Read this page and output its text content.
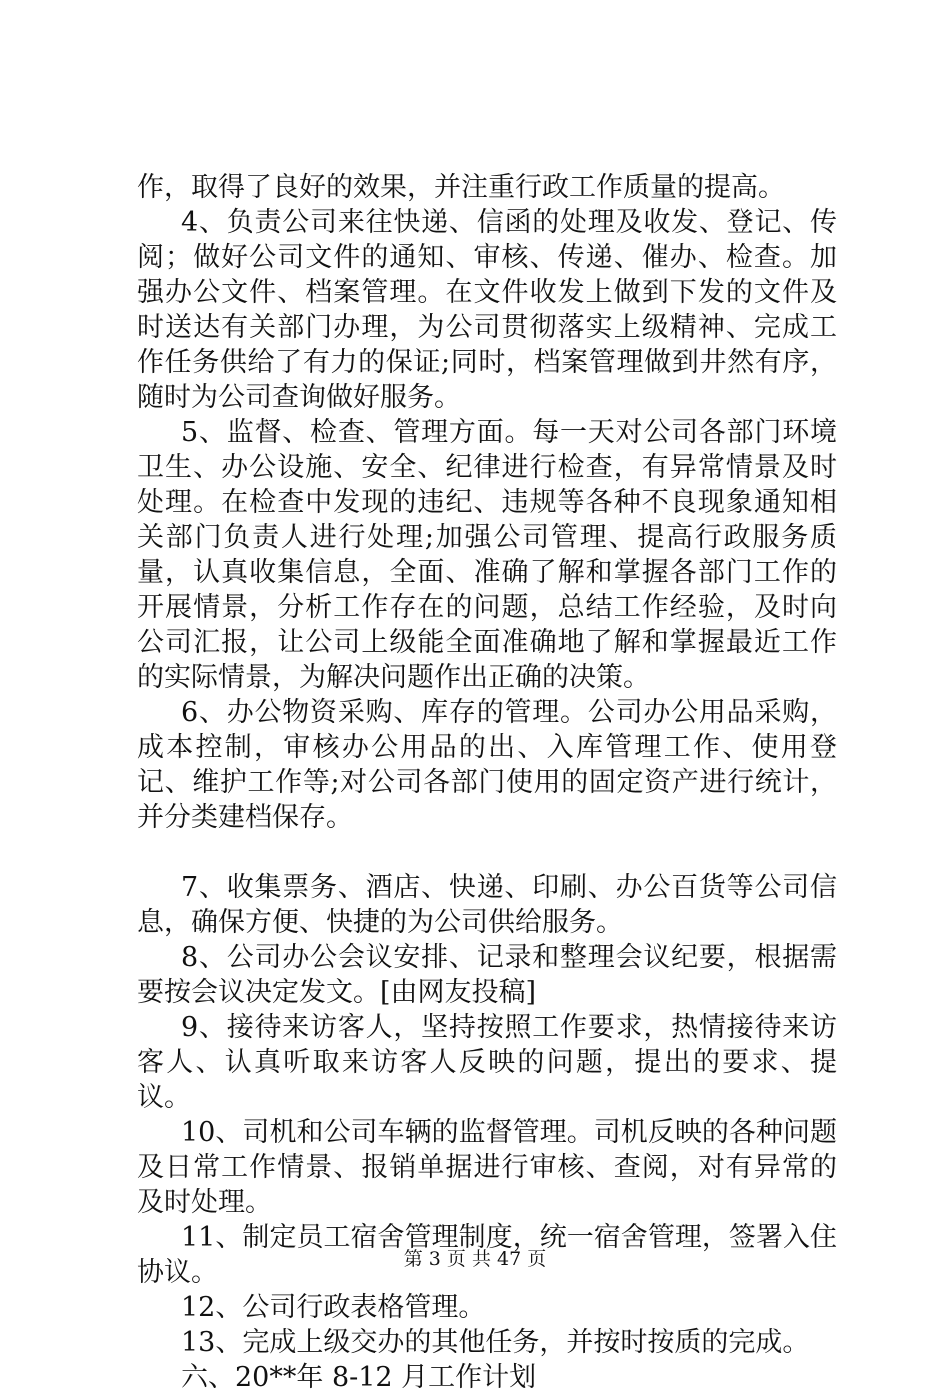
作，取得了良好的效果，并注重行政工作质量的提高。

4、负责公司来往快递、信函的处理及收发、登记、传阅；做好公司文件的通知、审核、传递、催办、检查。加强办公文件、档案管理。在文件收发上做到下发的文件及时送达有关部门办理，为公司贯彻落实上级精神、完成工作任务供给了有力的保证;同时，档案管理做到井然有序，随时为公司查询做好服务。

5、监督、检查、管理方面。每一天对公司各部门环境卫生、办公设施、安全、纪律进行检查，有异常情景及时处理。在检查中发现的违纪、违规等各种不良现象通知相关部门负责人进行处理;加强公司管理、提高行政服务质量，认真收集信息，全面、准确了解和掌握各部门工作的开展情景，分析工作存在的问题，总结工作经验，及时向公司汇报，让公司上级能全面准确地了解和掌握最近工作的实际情景，为解决问题作出正确的决策。

6、办公物资采购、库存的管理。公司办公用品采购，成本控制，审核办公用品的出、入库管理工作、使用登记、维护工作等;对公司各部门使用的固定资产进行统计，并分类建档保存。

7、收集票务、酒店、快递、印刷、办公百货等公司信息，确保方便、快捷的为公司供给服务。

8、公司办公会议安排、记录和整理会议纪要，根据需要按会议决定发文。[由网友投稿]

9、接待来访客人，坚持按照工作要求，热情接待来访客人、认真听取来访客人反映的问题，提出的要求、提议。

10、司机和公司车辆的监督管理。司机反映的各种问题及日常工作情景、报销单据进行审核、查阅，对有异常的及时处理。

11、制定员工宿舍管理制度，统一宿舍管理，签署入住协议。

12、公司行政表格管理。

13、完成上级交办的其他任务，并按时按质的完成。

六、20**年 8-12 月工作计划

第 3 页 共 47 页
